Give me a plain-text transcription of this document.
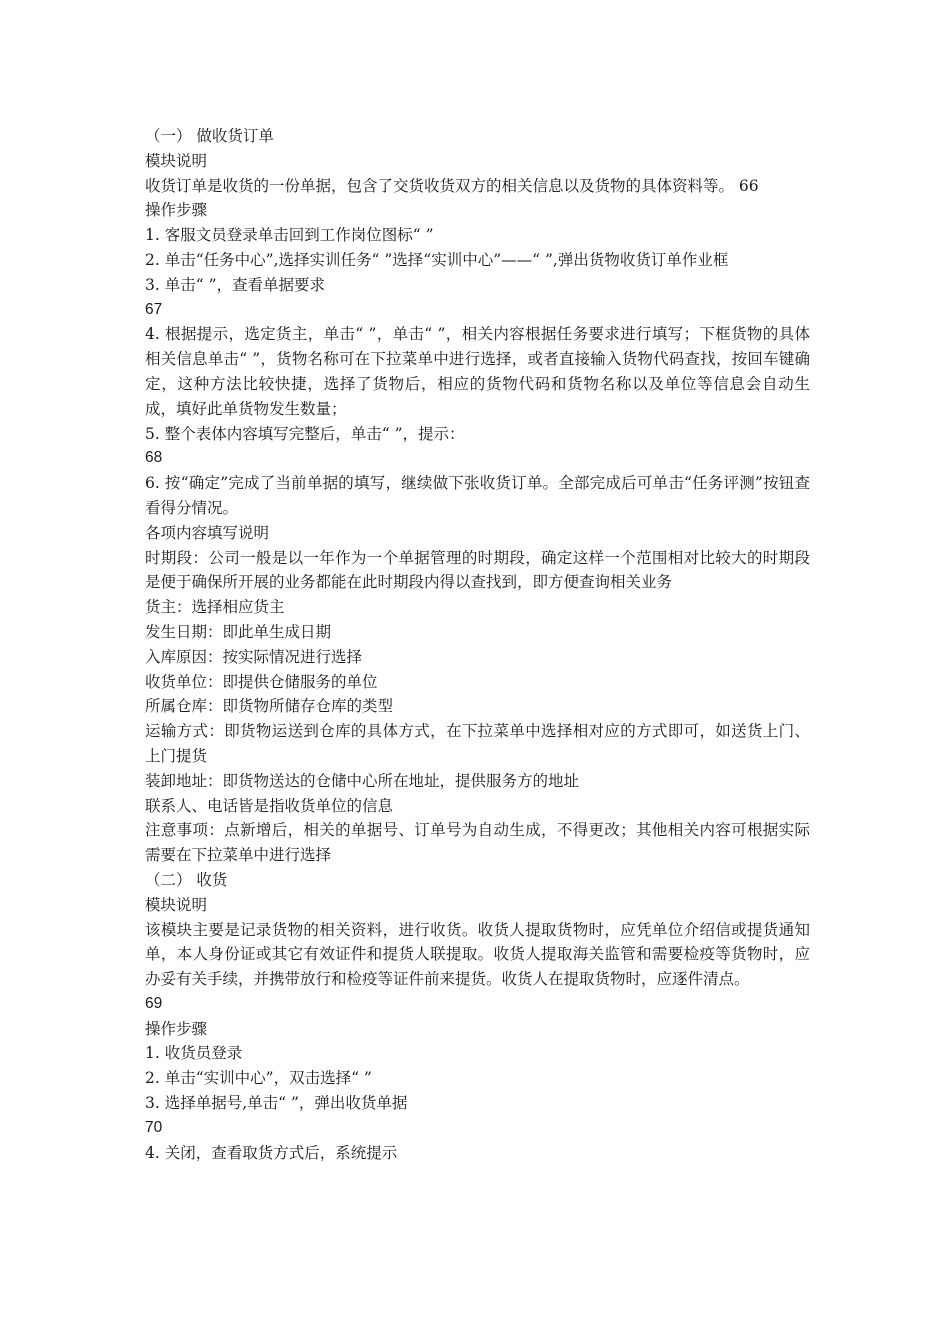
（一） 做收货订单

模块说明

收货订单是收货的一份单据，包含了交货收货双方的相关信息以及货物的具体资料等。 66

操作步骤

1. 客服文员登录单击回到工作岗位图标“ ”

2. 单击“任务中心”,选择实训任务“ ”选择“实训中心”——“ ”,弹出货物收货订单作业框

3. 单击“ ”，查看单据要求

67

4. 根据提示，选定货主，单击“ ”，单击“ ”，相关内容根据任务要求进行填写；下框货物的具体相关信息单击“ ”，货物名称可在下拉菜单中进行选择，或者直接输入货物代码查找，按回车键确定，这种方法比较快捷，选择了货物后，相应的货物代码和货物名称以及单位等信息会自动生成，填好此单货物发生数量；

5. 整个表体内容填写完整后，单击“ ”，提示：

68

6. 按“确定”完成了当前单据的填写，继续做下张收货订单。全部完成后可单击“任务评测”按钮查看得分情况。

各项内容填写说明

时期段：公司一般是以一年作为一个单据管理的时期段，确定这样一个范围相对比较大的时期段是便于确保所开展的业务都能在此时期段内得以查找到，即方便查询相关业务

货主：选择相应货主

发生日期：即此单生成日期

入库原因：按实际情况进行选择

收货单位：即提供仓储服务的单位

所属仓库：即货物所储存仓库的类型

运输方式：即货物运送到仓库的具体方式，在下拉菜单中选择相对应的方式即可，如送货上门、上门提货

装卸地址：即货物送达的仓储中心所在地址，提供服务方的地址

联系人、电话皆是指收货单位的信息

注意事项：点新增后，相关的单据号、订单号为自动生成，不得更改；其他相关内容可根据实际需要在下拉菜单中进行选择

（二） 收货

模块说明

该模块主要是记录货物的相关资料，进行收货。收货人提取货物时，应凭单位介绍信或提货通知单，本人身份证或其它有效证件和提货人联提取。收货人提取海关监管和需要检疫等货物时，应办妥有关手续，并携带放行和检疫等证件前来提货。收货人在提取货物时，应逐件清点。

69

操作步骤

1. 收货员登录

2. 单击“实训中心”，双击选择“ ”

3. 选择单据号,单击“ ”，弹出收货单据

70

4. 关闭，查看取货方式后，系统提示
